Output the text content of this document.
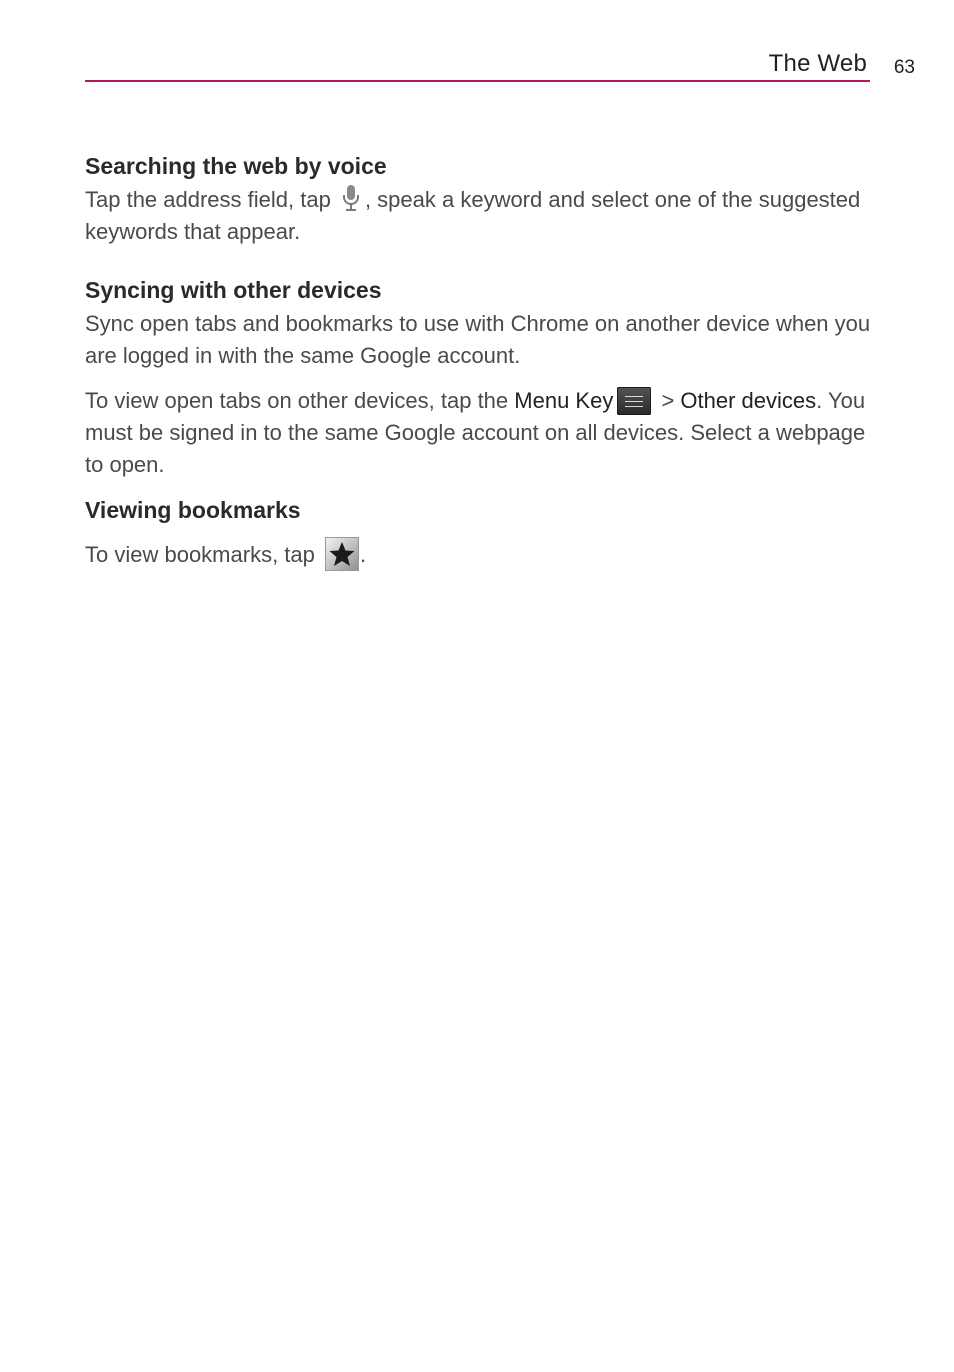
The Web 63
Searching the web by voice

Tap the address field, tap , speak a keyword and select one of the suggested keywords that appear.

Syncing with other devices

Sync open tabs and bookmarks to use with Chrome on another device when you are logged in with the same Google account.

To view open tabs on other devices, tap the Menu Key
> Other devices. You must be signed in to the same Google account on all devices. Select a webpage to open.

Viewing bookmarks

To view bookmarks, tap
.
